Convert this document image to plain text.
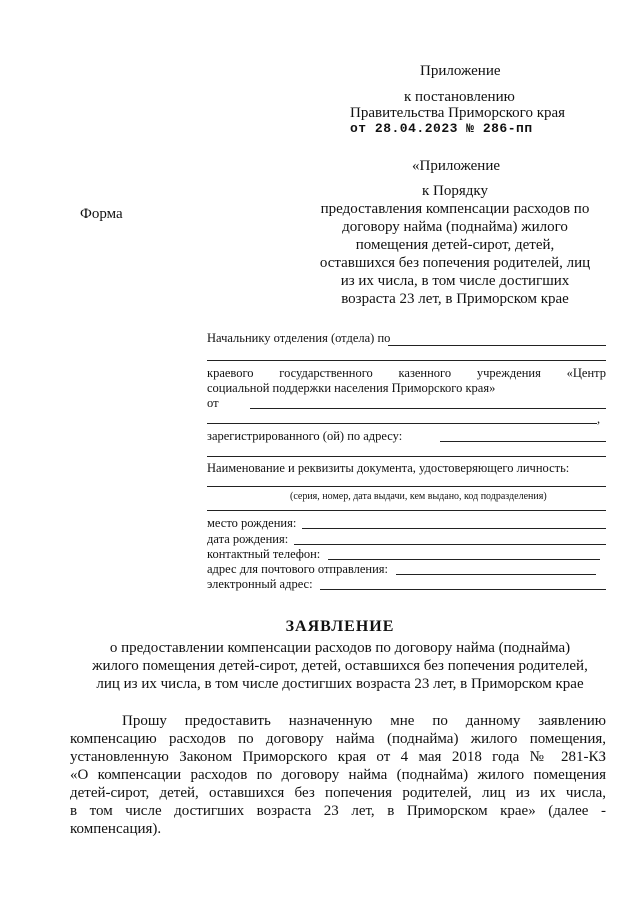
Приложение
к постановлению
Правительства Приморского края
от 28.04.2023 № 286-пп
«Приложение
к Порядку
предоставления компенсации расходов по
договору найма (поднайма) жилого
помещения детей-сирот, детей,
оставшихся без попечения родителей, лиц
из их числа, в том числе достигших
возраста 23 лет, в Приморском крае
Форма
Начальнику отделения (отдела) по
краевого государственного казенного учреждения «Центр
социальной поддержки населения Приморского края»
от
,
зарегистрированного (ой) по адресу:
Наименование и реквизиты документа, удостоверяющего личность:
(серия, номер, дата выдачи, кем выдано, код подразделения)
место рождения:
дата рождения:
контактный телефон:
адрес для почтового отправления:
электронный адрес:
ЗАЯВЛЕНИЕ
о предоставлении компенсации расходов по договору найма (поднайма)
жилого помещения детей-сирот, детей, оставшихся без попечения родителей,
лиц из их числа, в том числе достигших возраста 23 лет, в Приморском крае
Прошу предоставить назначенную мне по данному заявлению
компенсацию расходов по договору найма (поднайма) жилого помещения,
установленную Законом Приморского края от 4 мая 2018 года № 281-КЗ
«О компенсации расходов по договору найма (поднайма) жилого помещения
детей-сирот, детей, оставшихся без попечения родителей, лиц из их числа,
в том числе достигших возраста 23 лет, в Приморском крае» (далее -
компенсация).
